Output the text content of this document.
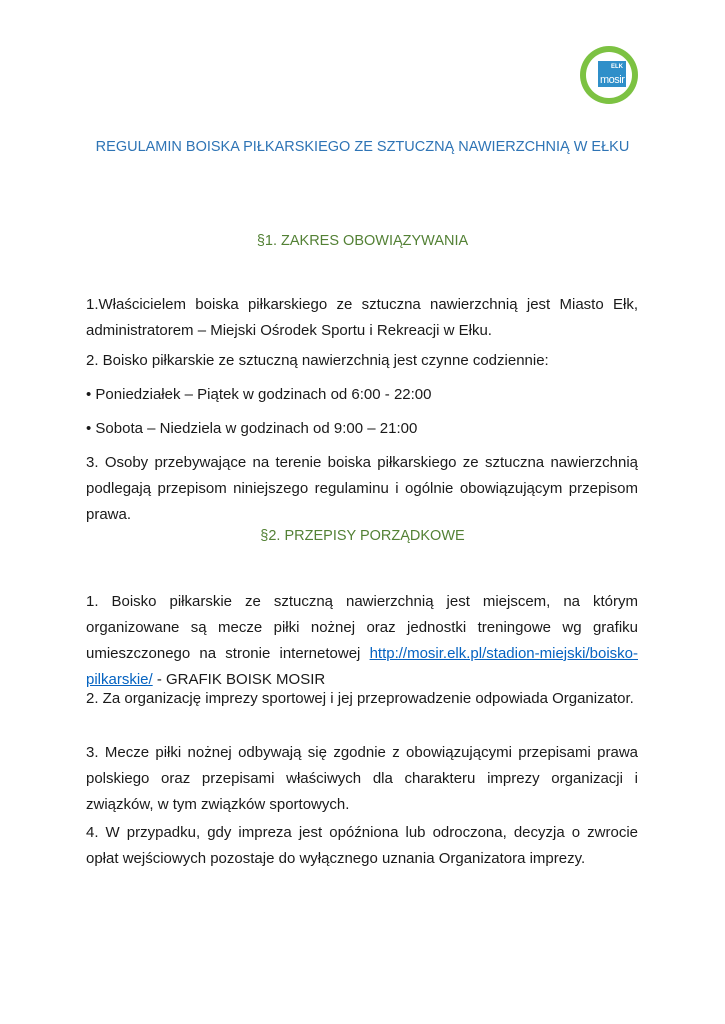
ELK
mosir
REGULAMIN BOISKA PIŁKARSKIEGO ZE SZTUCZNĄ NAWIERZCHNIĄ W EŁKU
§1. ZAKRES OBOWIĄZYWANIA
1.Właścicielem boiska piłkarskiego ze sztuczna nawierzchnią jest Miasto Ełk, administratorem – Miejski Ośrodek Sportu i Rekreacji w Ełku.
2. Boisko piłkarskie ze sztuczną nawierzchnią jest czynne codziennie:
• Poniedziałek – Piątek w godzinach od 6:00 - 22:00
• Sobota – Niedziela w godzinach od 9:00 – 21:00
3. Osoby przebywające na terenie boiska piłkarskiego ze sztuczna nawierzchnią podlegają przepisom niniejszego regulaminu i ogólnie obowiązującym przepisom prawa.
§2. PRZEPISY PORZĄDKOWE
1. Boisko piłkarskie ze sztuczną nawierzchnią jest miejscem, na którym organizowane są mecze piłki nożnej oraz jednostki treningowe wg grafiku umieszczonego na stronie internetowej http://mosir.elk.pl/stadion-miejski/boisko-pilkarskie/ - GRAFIK BOISK MOSIR
2. Za organizację imprezy sportowej i jej przeprowadzenie odpowiada Organizator.
3. Mecze piłki nożnej odbywają się zgodnie z obowiązującymi przepisami prawa polskiego oraz przepisami właściwych dla charakteru imprezy organizacji i związków, w tym związków sportowych.
4. W przypadku, gdy impreza jest opóźniona lub odroczona, decyzja o zwrocie opłat wejściowych pozostaje do wyłącznego uznania Organizatora imprezy.
